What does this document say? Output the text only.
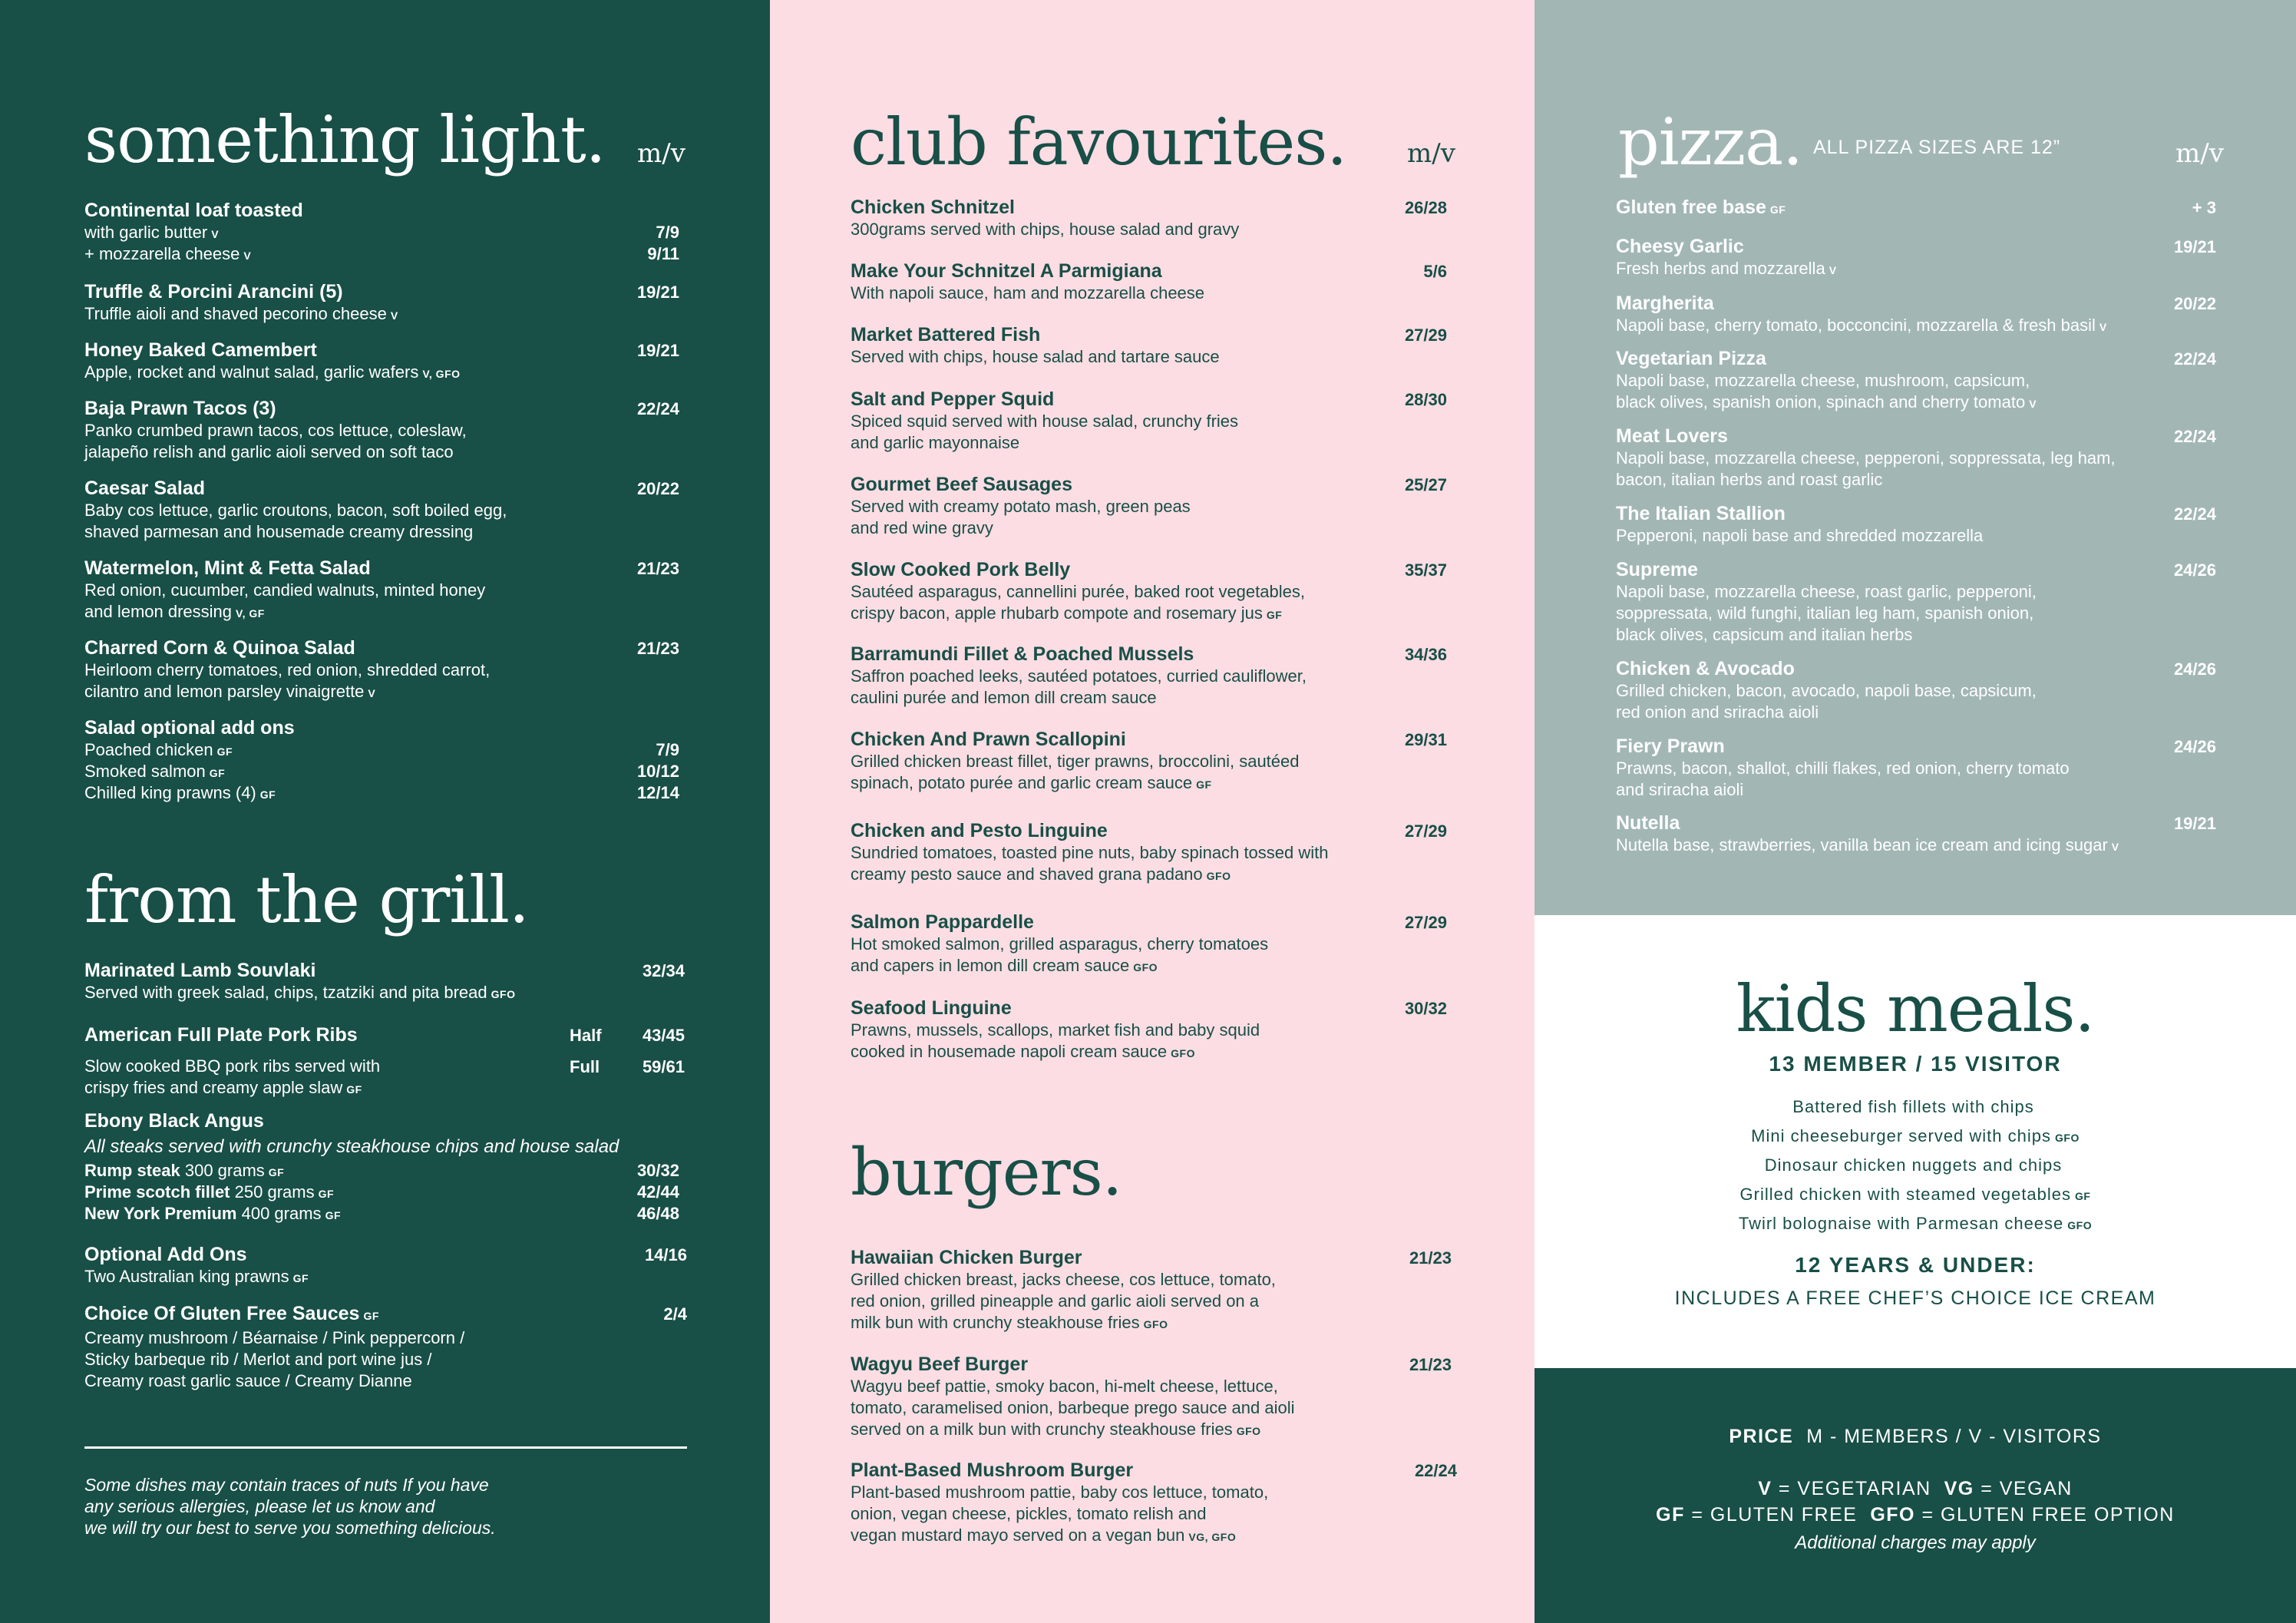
something light. m/v
Continental loaf toasted
with garlic butter V	7/9
+ mozzarella cheese V	9/11
Truffle & Porcini Arancini (5)	19/21
Truffle aioli and shaved pecorino cheese V
Honey Baked Camembert	19/21
Apple, rocket and walnut salad, garlic wafers V, GFO
Baja Prawn Tacos (3)	22/24
Panko crumbed prawn tacos, cos lettuce, coleslaw,
jalapeño relish and garlic aioli served on soft taco
Caesar Salad	20/22
Baby cos lettuce, garlic croutons, bacon, soft boiled egg,
shaved parmesan and housemade creamy dressing
Watermelon, Mint & Fetta Salad	21/23
Red onion, cucumber, candied walnuts, minted honey
and lemon dressing V, GF
Charred Corn & Quinoa Salad	21/23
Heirloom cherry tomatoes, red onion, shredded carrot,
cilantro and lemon parsley vinaigrette V
Salad optional add ons
Poached chicken GF	7/9
Smoked salmon GF	10/12
Chilled king prawns (4) GF	12/14
from the grill.
Marinated Lamb Souvlaki	32/34
Served with greek salad, chips, tzatziki and pita bread GFO
American Full Plate Pork Ribs	Half 43/45
Slow cooked BBQ pork ribs served with	Full	59/61
crispy fries and creamy apple slaw GF
Ebony Black Angus
All steaks served with crunchy steakhouse chips and house salad
Rump steak 300 grams GF	30/32
Prime scotch fillet 250 grams GF	42/44
New York Premium 400 grams GF	46/48
Optional Add Ons	14/16
Two Australian king prawns GF
Choice Of Gluten Free Sauces GF	2/4
Creamy mushroom / Béarnaise / Pink peppercorn /
Sticky barbeque rib / Merlot and port wine jus /
Creamy roast garlic sauce / Creamy Dianne
Some dishes may contain traces of nuts If you have
any serious allergies, please let us know and
we will try our best to serve you something delicious.
club favourites. m/v
Chicken Schnitzel	26/28
300grams served with chips, house salad and gravy
Make Your Schnitzel A Parmigiana	5/6
With napoli sauce, ham and mozzarella cheese
Market Battered Fish	27/29
Served with chips, house salad and tartare sauce
Salt and Pepper Squid	28/30
Spiced squid served with house salad, crunchy fries
and garlic mayonnaise
Gourmet Beef Sausages	25/27
Served with creamy potato mash, green peas
and red wine gravy
Slow Cooked Pork Belly	35/37
Sautéed asparagus, cannellini purée, baked root vegetables,
crispy bacon, apple rhubarb compote and rosemary jus GF
Barramundi Fillet & Poached Mussels	34/36
Saffron poached leeks, sautéed potatoes, curried cauliflower,
caulini purée and lemon dill cream sauce
Chicken And Prawn Scallopini	29/31
Grilled chicken breast fillet, tiger prawns, broccolini, sautéed
spinach, potato purée and garlic cream sauce GF
Chicken and Pesto Linguine	27/29
Sundried tomatoes, toasted pine nuts, baby spinach tossed with
creamy pesto sauce and shaved grana padano GFO
Salmon Pappardelle	27/29
Hot smoked salmon, grilled asparagus, cherry tomatoes
and capers in lemon dill cream sauce GFO
Seafood Linguine	30/32
Prawns, mussels, scallops, market fish and baby squid
cooked in housemade napoli cream sauce GFO
burgers.
Hawaiian Chicken Burger	21/23
Grilled chicken breast, jacks cheese, cos lettuce, tomato,
red onion, grilled pineapple and garlic aioli served on a
milk bun with crunchy steakhouse fries GFO
Wagyu Beef Burger	21/23
Wagyu beef pattie, smoky bacon, hi-melt cheese, lettuce,
tomato, caramelised onion, barbeque prego sauce and aioli
served on a milk bun with crunchy steakhouse fries GFO
Plant-Based Mushroom Burger	22/24
Plant-based mushroom pattie, baby cos lettuce, tomato,
onion, vegan cheese, pickles, tomato relish and
vegan mustard mayo served on a vegan bun VG, GFO
pizza. ALL PIZZA SIZES ARE 12”	m/v
Gluten free base GF	+ 3
Cheesy Garlic	19/21
Fresh herbs and mozzarella V
Margherita	20/22
Napoli base, cherry tomato, bocconcini, mozzarella & fresh basil V
Vegetarian Pizza	22/24
Napoli base, mozzarella cheese, mushroom, capsicum,
black olives, spanish onion, spinach and cherry tomato V
Meat Lovers	22/24
Napoli base, mozzarella cheese, pepperoni, soppressata, leg ham,
bacon, italian herbs and roast garlic
The Italian Stallion	22/24
Pepperoni, napoli base and shredded mozzarella
Supreme	24/26
Napoli base, mozzarella cheese, roast garlic, pepperoni,
soppressata, wild funghi, italian leg ham, spanish onion,
black olives, capsicum and italian herbs
Chicken & Avocado	24/26
Grilled chicken, bacon, avocado, napoli base, capsicum,
red onion and sriracha aioli
Fiery Prawn	24/26
Prawns, bacon, shallot, chilli flakes, red onion, cherry tomato
and sriracha aioli
Nutella	19/21
Nutella base, strawberries, vanilla bean ice cream and icing sugar V
kids meals.
13 MEMBER / 15 VISITOR
Battered fish fillets with chips
Mini cheeseburger served with chips GFO
Dinosaur chicken nuggets and chips
Grilled chicken with steamed vegetables GF
Twirl bolognaise with Parmesan cheese GFO
12 YEARS & UNDER:
INCLUDES A FREE CHEF’S CHOICE ICE CREAM
PRICE M - MEMBERS / V - VISITORS
V = VEGETARIAN VG = VEGAN
GF = GLUTEN FREE GFO = GLUTEN FREE OPTION
Additional charges may apply
